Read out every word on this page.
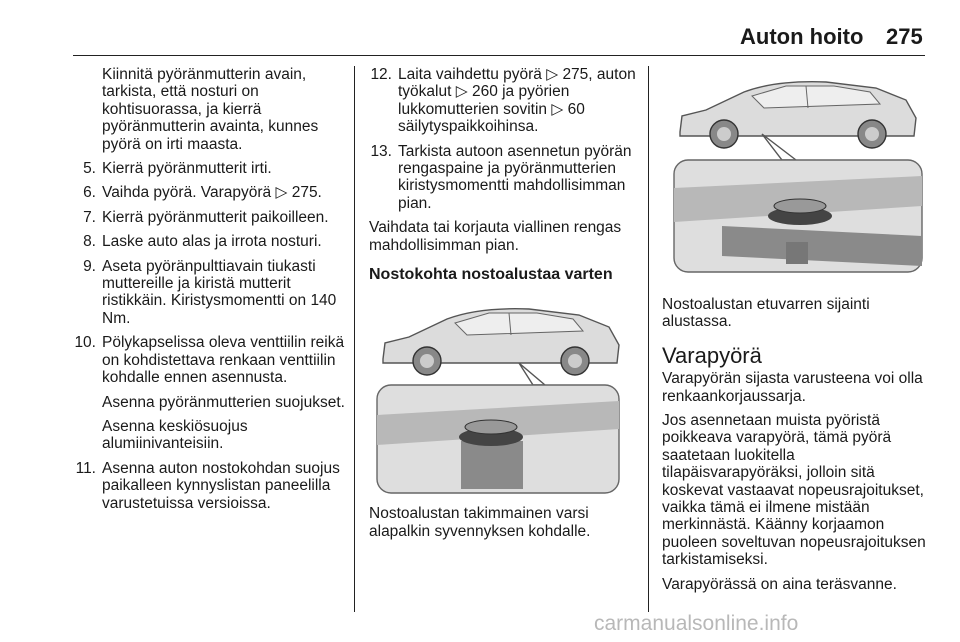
Auton hoito 275
Kiinnitä pyöränmutterin avain, tarkista, että nosturi on kohtisuorassa, ja kierrä pyöränmutterin avainta, kunnes pyörä on irti maasta.
5. Kierrä pyöränmutterit irti.
6. Vaihda pyörä. Varapyörä ▷ 275.
7. Kierrä pyöränmutterit paikoilleen.
8. Laske auto alas ja irrota nosturi.
9. Aseta pyöränpulttiavain tiukasti muttereille ja kiristä mutterit ristikkäin. Kiristysmomentti on 140 Nm.
10. Pölykapselissa oleva venttiilin reikä on kohdistettava renkaan venttiilin kohdalle ennen asennusta.
Asenna pyöränmutterien suojukset.
Asenna keskiösuojus alumiinivanteisiin.
11. Asenna auton nostokohdan suojus paikalleen kynnyslistan paneelilla varustetuissa versioissa.
12. Laita vaihdettu pyörä ▷ 275, auton työkalut ▷ 260 ja pyörien lukkomutterien sovitin ▷ 60 säilytyspaikkoihinsa.
13. Tarkista autoon asennetun pyörän rengaspaine ja pyöränmutterien kiristysmomentti mahdollisimman pian.
Vaihdata tai korjauta viallinen rengas mahdollisimman pian.
Nostokohta nostoalustaa varten
Nostoalustan takimmainen varsi alapalkin syvennyksen kohdalle.
Nostoalustan etuvarren sijainti alustassa.
Varapyörä
Varapyörän sijasta varusteena voi olla renkaankorjaussarja.
Jos asennetaan muista pyöristä poikkeava varapyörä, tämä pyörä saatetaan luokitella tilapäisvarapyöräksi, jolloin sitä koskevat vastaavat nopeusrajoitukset, vaikka tämä ei ilmene mistään merkinnästä. Käänny korjaamon puoleen soveltuvan nopeusrajoituksen tarkistamiseksi.
Varapyörässä on aina teräsvanne.
carmanualsonline.info
